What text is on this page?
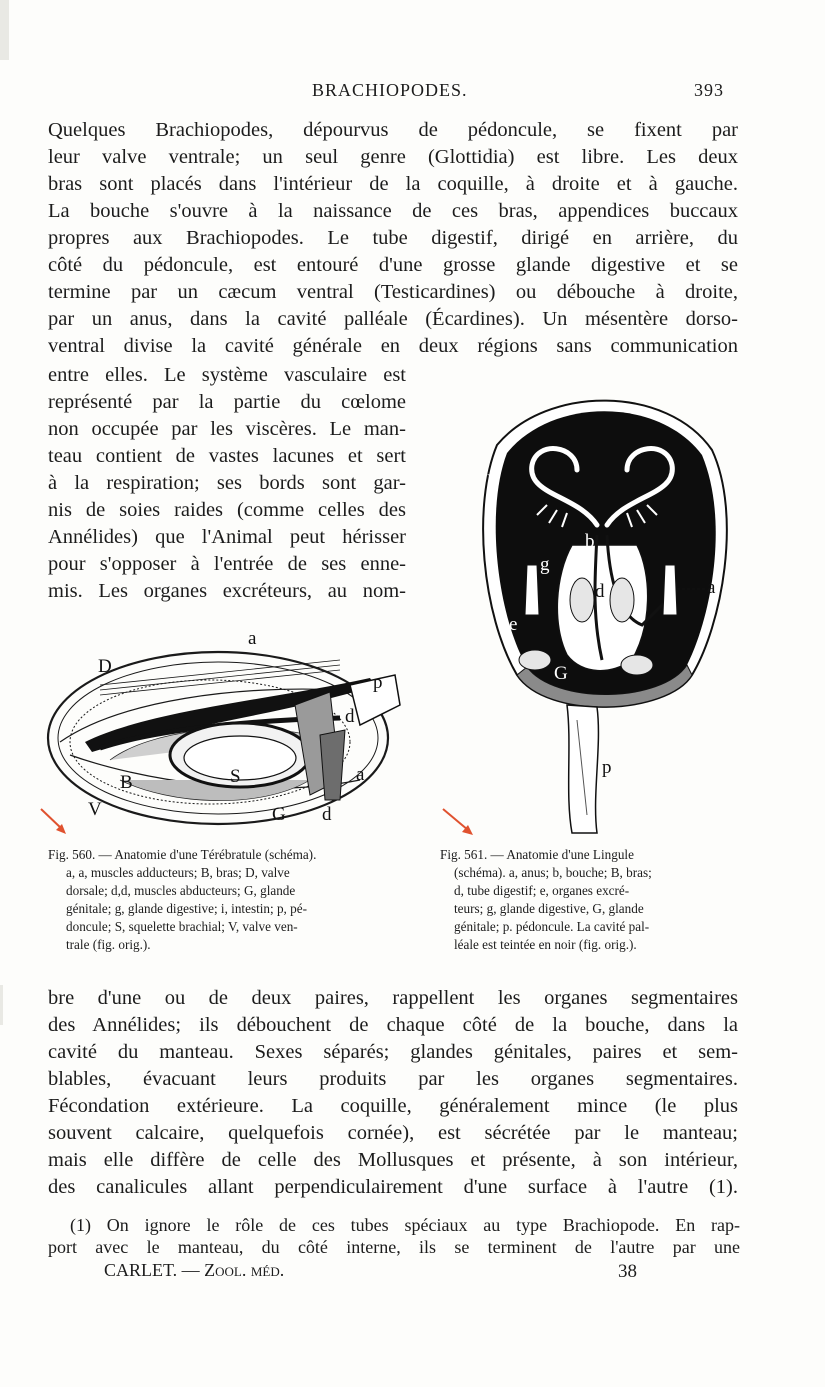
BRACHIOPODES.	393
Quelques Brachiopodes, dépourvus de pédoncule, se fixent par
leur valve ventrale; un seul genre (Glottidia) est libre. Les deux
bras sont placés dans l'intérieur de la coquille, à droite et à gauche.
La bouche s'ouvre à la naissance de ces bras, appendices buccaux
propres aux Brachiopodes. Le tube digestif, dirigé en arrière, du
côté du pédoncule, est entouré d'une grosse glande digestive et se
termine par un cæcum ventral (Testicardines) ou débouche à droite,
par un anus, dans la cavité palléale (Écardines). Un mésentère dorso-
ventral divise la cavité générale en deux régions sans communication
entre elles. Le système vasculaire est
représenté par la partie du cœlome
non occupée par les viscères. Le man-
teau contient de vastes lacunes et sert
à la respiration; ses bords sont gar-
nis de soies raides (comme celles des
Annélides) que l'Animal peut hérisser
pour s'opposer à l'entrée de ses enne-
mis. Les organes excréteurs, au nom-
a
D
p
d
B	S	a
V	G d
B
b
g
d
e
G
a
p
Fig. 560. — Anatomie d'une Térébratule (schéma).
a, a, muscles adducteurs; B, bras; D, valve
dorsale; d,d, muscles abducteurs; G, glande
génitale; g, glande digestive; i, intestin; p, pé-
doncule; S, squelette brachial; V, valve ven-
trale (fig. orig.).
Fig. 561. — Anatomie d'une Lingule
(schéma). a, anus; b, bouche; B, bras;
d, tube digestif; e, organes excré-
teurs; g, glande digestive, G, glande
génitale; p. pédoncule. La cavité pal-
léale est teintée en noir (fig. orig.).
bre d'une ou de deux paires, rappellent les organes segmentaires
des Annélides; ils débouchent de chaque côté de la bouche, dans la
cavité du manteau. Sexes séparés; glandes génitales, paires et sem-
blables, évacuant leurs produits par les organes segmentaires.
Fécondation extérieure. La coquille, généralement mince (le plus
souvent calcaire, quelquefois cornée), est sécrétée par le manteau;
mais elle diffère de celle des Mollusques et présente, à son intérieur,
des canalicules allant perpendiculairement d'une surface à l'autre (1).
(1) On ignore le rôle de ces tubes spéciaux au type Brachiopode. En rap-
port avec le manteau, du côté interne, ils se terminent de l'autre par une
CARLET. — Zool. méd.	38
